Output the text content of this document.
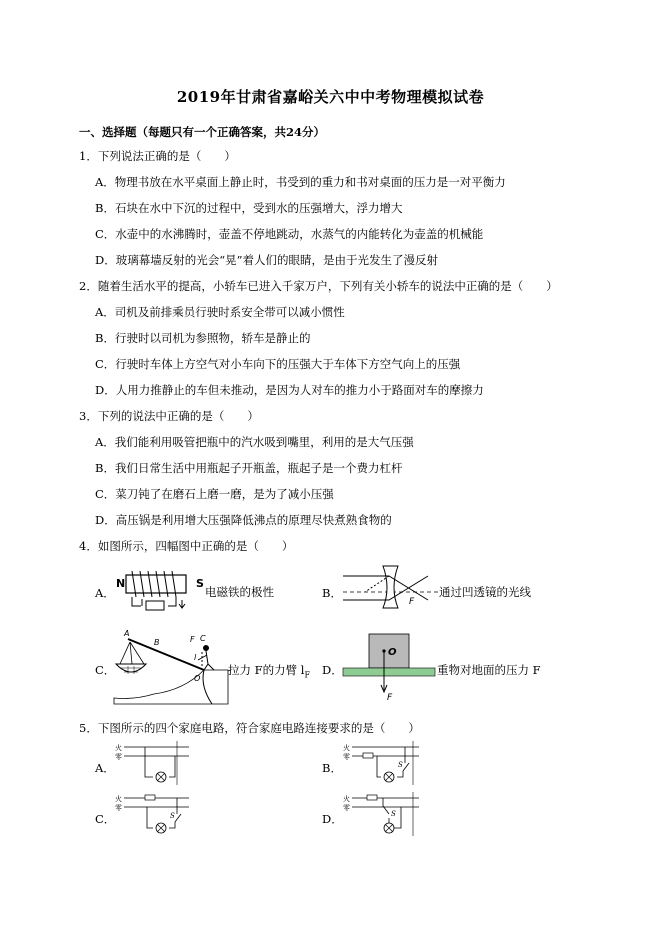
2019年甘肃省嘉峪关六中中考物理模拟试卷
一、选择题（每题只有一个正确答案，共24分）
1．下列说法正确的是（　　）
A．物理书放在水平桌面上静止时，书受到的重力和书对桌面的压力是一对平衡力
B．石块在水中下沉的过程中，受到水的压强增大，浮力增大
C．水壶中的水沸腾时，壶盖不停地跳动，水蒸气的内能转化为壶盖的机械能
D．玻璃幕墙反射的光会“晃”着人们的眼睛，是由于光发生了漫反射
2．随着生活水平的提高，小轿车已进入千家万户，下列有关小轿车的说法中正确的是（　　）
A．司机及前排乘员行驶时系安全带可以减小惯性
B．行驶时以司机为参照物，轿车是静止的
C．行驶时车体上方空气对小车向下的压强大于车体下方空气向上的压强
D．人用力推静止的车但未推动，是因为人对车的推力小于路面对车的摩擦力
3．下列的说法中正确的是（　　）
A．我们能利用吸管把瓶中的汽水吸到嘴里，利用的是大气压强
B．我们日常生活中用瓶起子开瓶盖，瓶起子是一个费力杠杆
C．菜刀钝了在磨石上磨一磨，是为了减小压强
D．高压锅是利用增大压强降低沸点的原理尽快煮熟食物的
4．如图所示，四幅图中正确的是（　　）
A．
N	S
电磁铁的极性	B．
F
通过凹透镜的光线
C．
A
B	F C
l
O
拉力 F的力臂 $l_F$ D．
O
F
重物对地面的压力 F
5．下图所示的四个家庭电路，符合家庭电路连接要求的是（　　）
A．
火
零
B．
火
零
S
C．
火
零
S	D．
火
零
S
